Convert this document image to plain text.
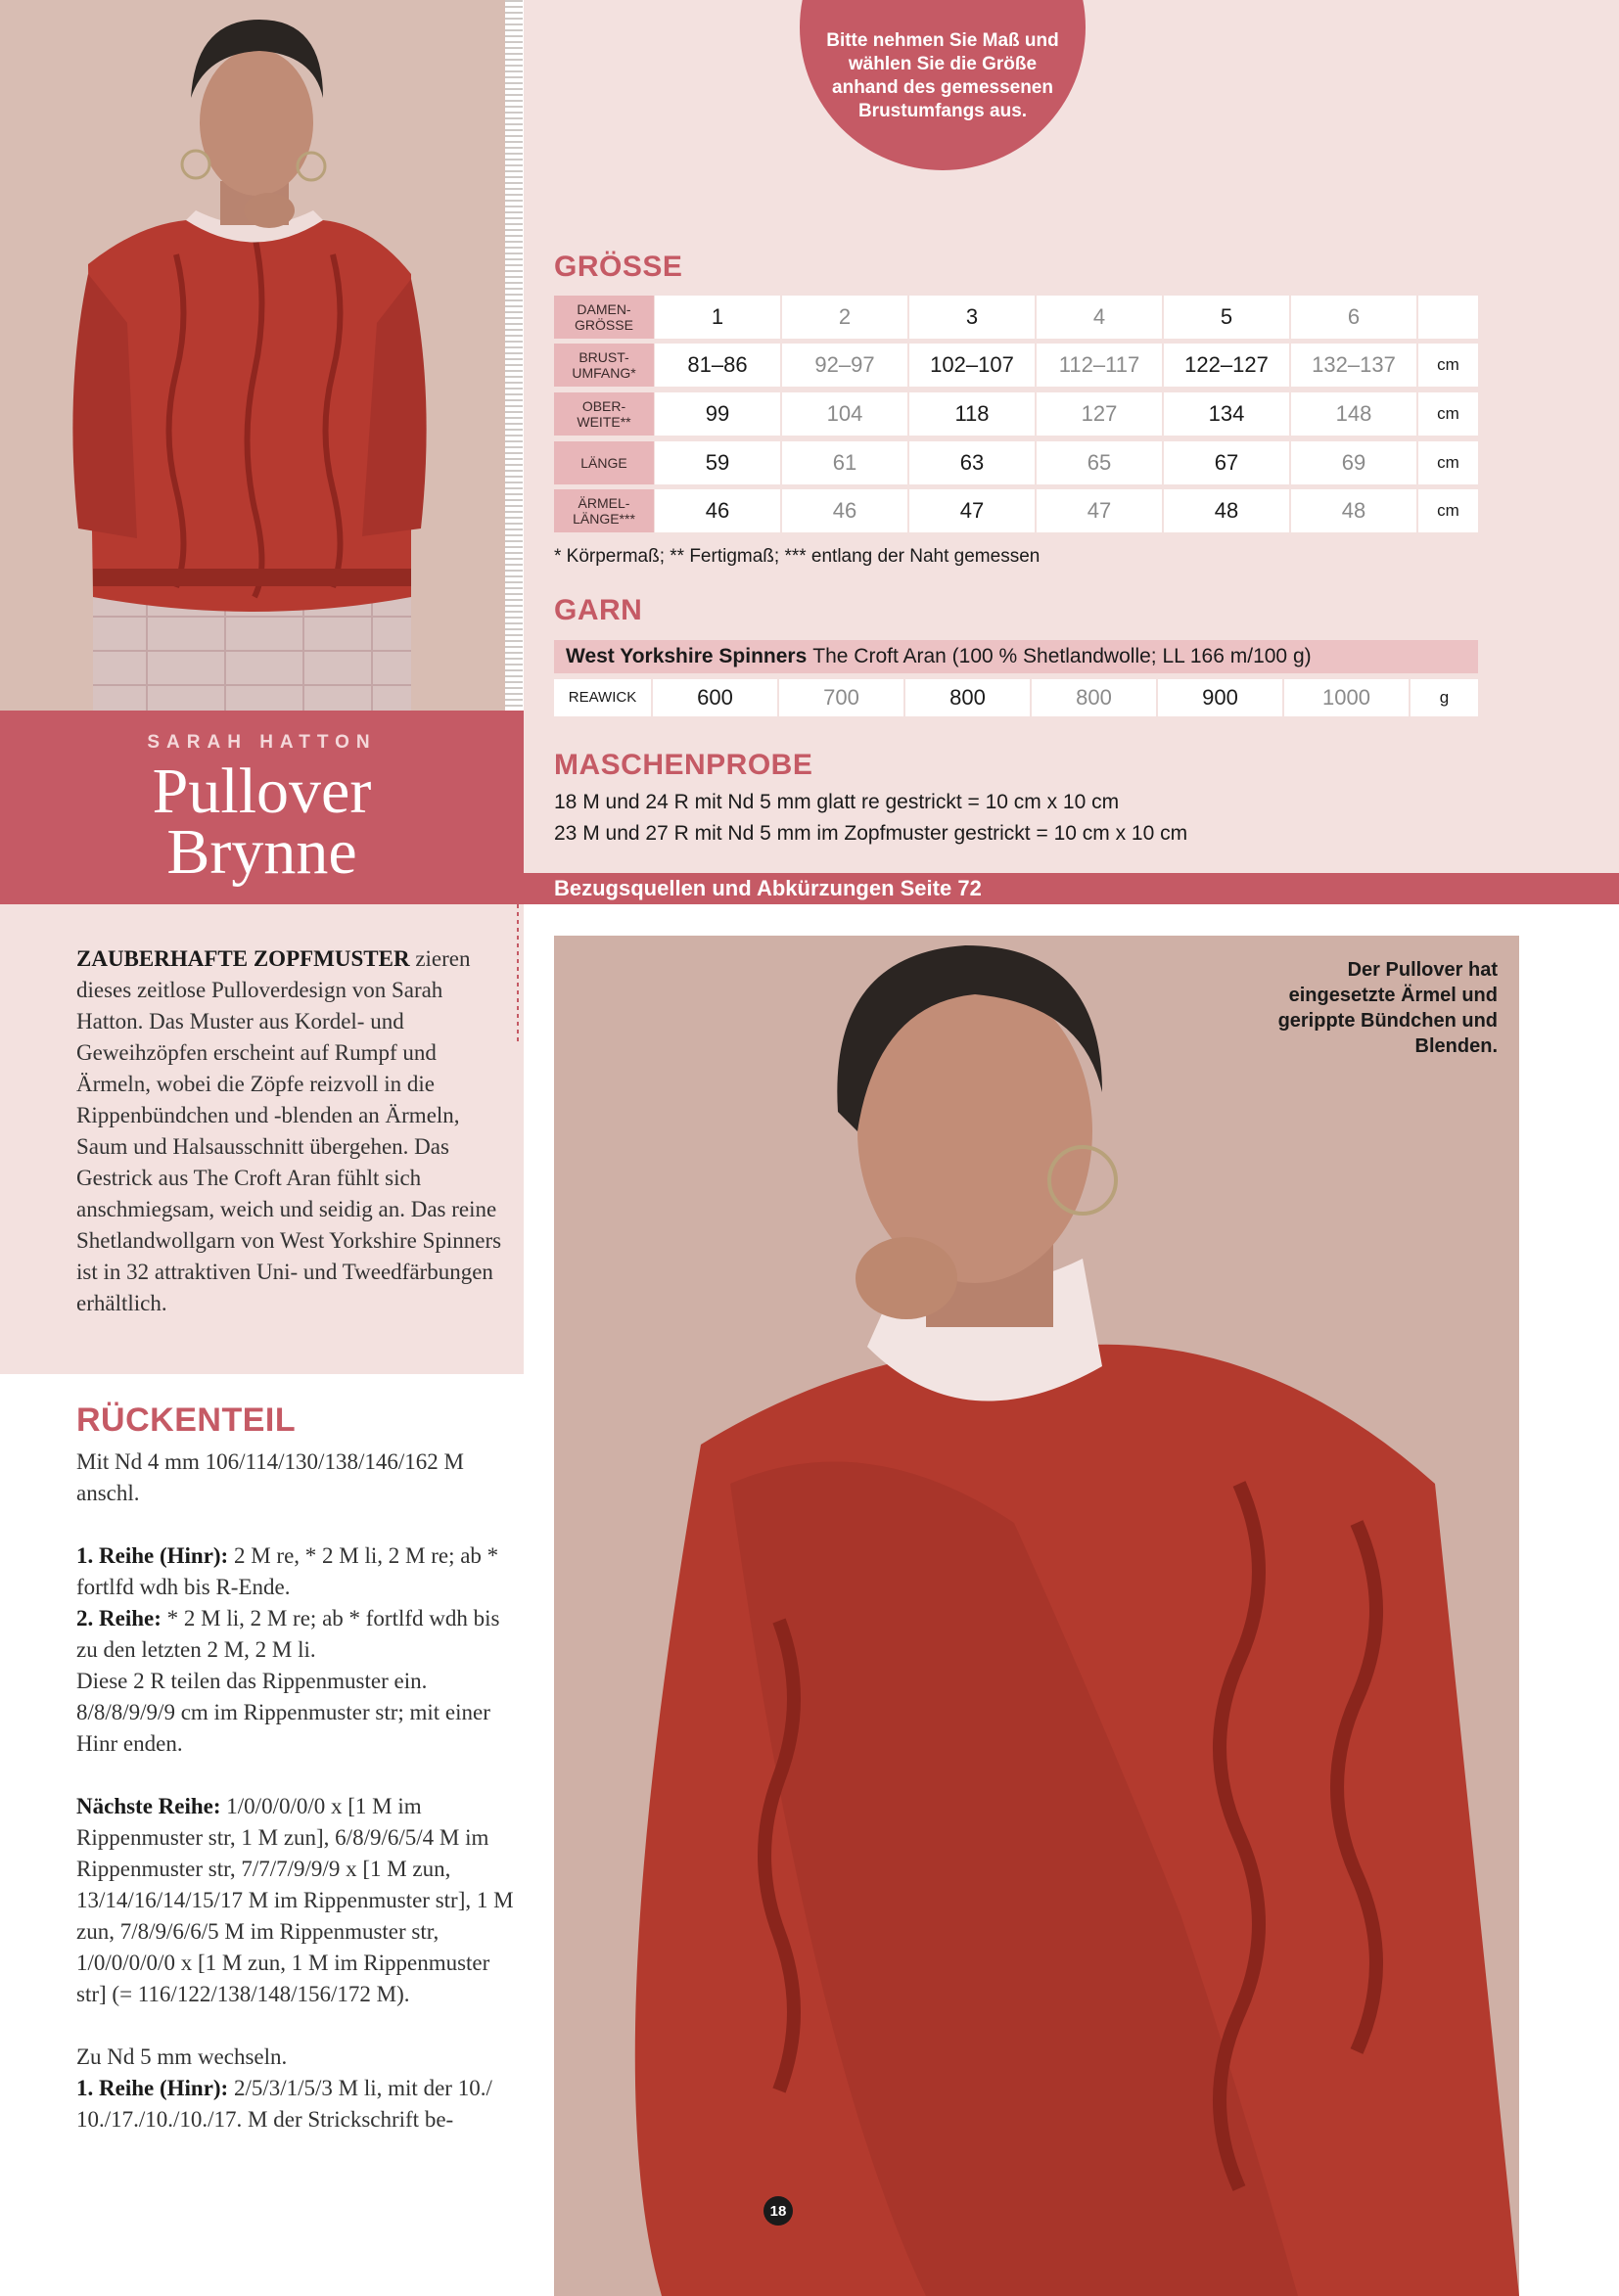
SARAH HATTON
Pullover
Brynne
Bitte nehmen Sie Maß und wählen Sie die Größe anhand des gemessenen Brustumfangs aus.
GRÖSSE
GARN
MASCHENPROBE
DAMEN- GRÖSSE	1	2	3	4	5	6
BRUST- UMFANG*	81–86	92–97	102–107	112–117	122–127	132–137	cm
OBER- WEITE**	99	104	118	127	134	148	cm
LÄNGE	59	61	63	65	67	69	cm
ÄRMEL- LÄNGE***	46	46	47	47	48	48	cm
* Körpermaß; ** Fertigmaß; *** entlang der Naht gemessen
West Yorkshire Spinners The Croft Aran (100 % Shetlandwolle; LL 166 m/100 g)
REAWICK	600	700	800	800	900	1000	g
18 M und 24 R mit Nd 5 mm glatt re gestrickt = 10 cm x 10 cm
23 M und 27 R mit Nd 5 mm im Zopfmuster gestrickt = 10 cm x 10 cm
Bezugsquellen und Abkürzungen Seite 72
ZAUBERHAFTE ZOPFMUSTER zieren dieses zeitlose Pulloverdesign von Sarah Hatton. Das Muster aus Kordel- und Geweihzöpfen erscheint auf Rumpf und Ärmeln, wobei die Zöpfe reizvoll in die Rippenbündchen und -blenden an Ärmeln, Saum und Halsausschnitt übergehen. Das Gestrick aus The Croft Aran fühlt sich anschmiegsam, weich und seidig an. Das reine Shetlandwollgarn von West Yorkshire Spinners ist in 32 attraktiven Uni- und Tweedfärbungen erhältlich.
RÜCKENTEIL
Mit Nd 4 mm 106/114/130/138/146/162 M anschl.
1. Reihe (Hinr): 2 M re, * 2 M li, 2 M re; ab * fortlfd wdh bis R-Ende.
2. Reihe: * 2 M li, 2 M re; ab * fortlfd wdh bis zu den letzten 2 M, 2 M li.
Diese 2 R teilen das Rippenmuster ein. 8/8/8/9/9/9 cm im Rippenmuster str; mit einer Hinr enden.
Nächste Reihe: 1/0/0/0/0/0 x [1 M im Rippenmuster str, 1 M zun], 6/8/9/6/5/4 M im Rippenmuster str, 7/7/7/9/9/9 x [1 M zun, 13/14/16/14/15/17 M im Rippenmuster str], 1 M zun, 7/8/9/6/6/5 M im Rippenmuster str, 1/0/0/0/0/0 x [1 M zun, 1 M im Rippenmuster str] (= 116/122/138/148/156/172 M).
Zu Nd 5 mm wechseln.
1. Reihe (Hinr): 2/5/3/1/5/3 M li, mit der 10./ 10./17./10./10./17. M der Strickschrift be-
Der Pullover hat eingesetzte Ärmel und gerippte Bündchen und Blenden.
18
